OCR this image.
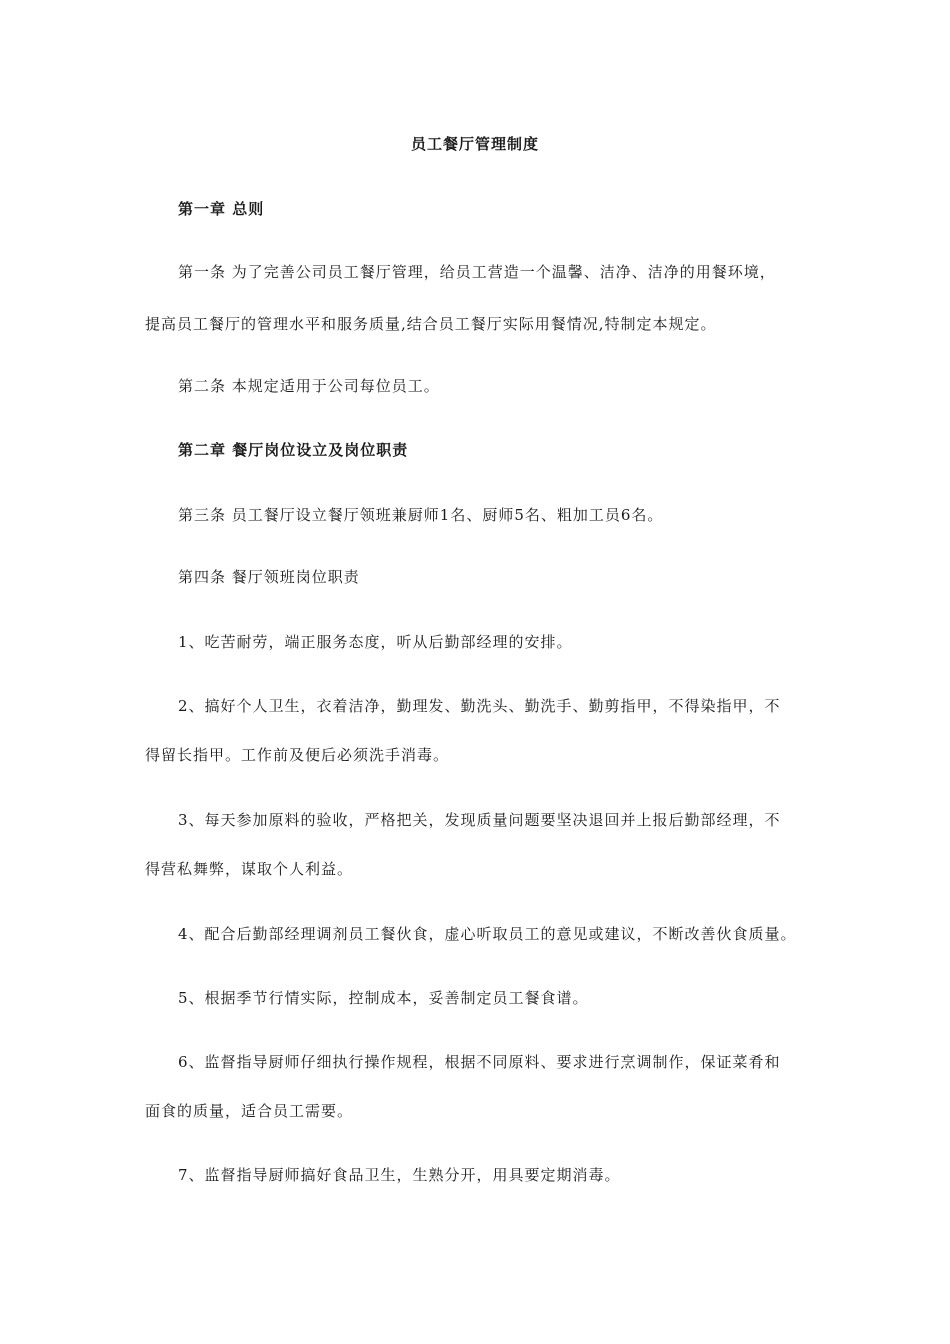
员工餐厅管理制度
第一章 总则
第一条 为了完善公司员工餐厅管理，给员工营造一个温馨、洁净、洁净的用餐环境，
提高员工餐厅的管理水平和服务质量,结合员工餐厅实际用餐情况,特制定本规定。
第二条 本规定适用于公司每位员工。
第二章 餐厅岗位设立及岗位职责
第三条 员工餐厅设立餐厅领班兼厨师1名、厨师5名、粗加工员6名。
第四条 餐厅领班岗位职责
1、吃苦耐劳，端正服务态度，听从后勤部经理的安排。
2、搞好个人卫生，衣着洁净，勤理发、勤洗头、勤洗手、勤剪指甲，不得染指甲，不
得留长指甲。工作前及便后必须洗手消毒。
3、每天参加原料的验收，严格把关，发现质量问题要坚决退回并上报后勤部经理，不
得营私舞弊，谋取个人利益。
4、配合后勤部经理调剂员工餐伙食，虚心听取员工的意见或建议，不断改善伙食质量。
5、根据季节行情实际，控制成本，妥善制定员工餐食谱。
6、监督指导厨师仔细执行操作规程，根据不同原料、要求进行烹调制作，保证菜肴和
面食的质量，适合员工需要。
7、监督指导厨师搞好食品卫生，生熟分开，用具要定期消毒。
